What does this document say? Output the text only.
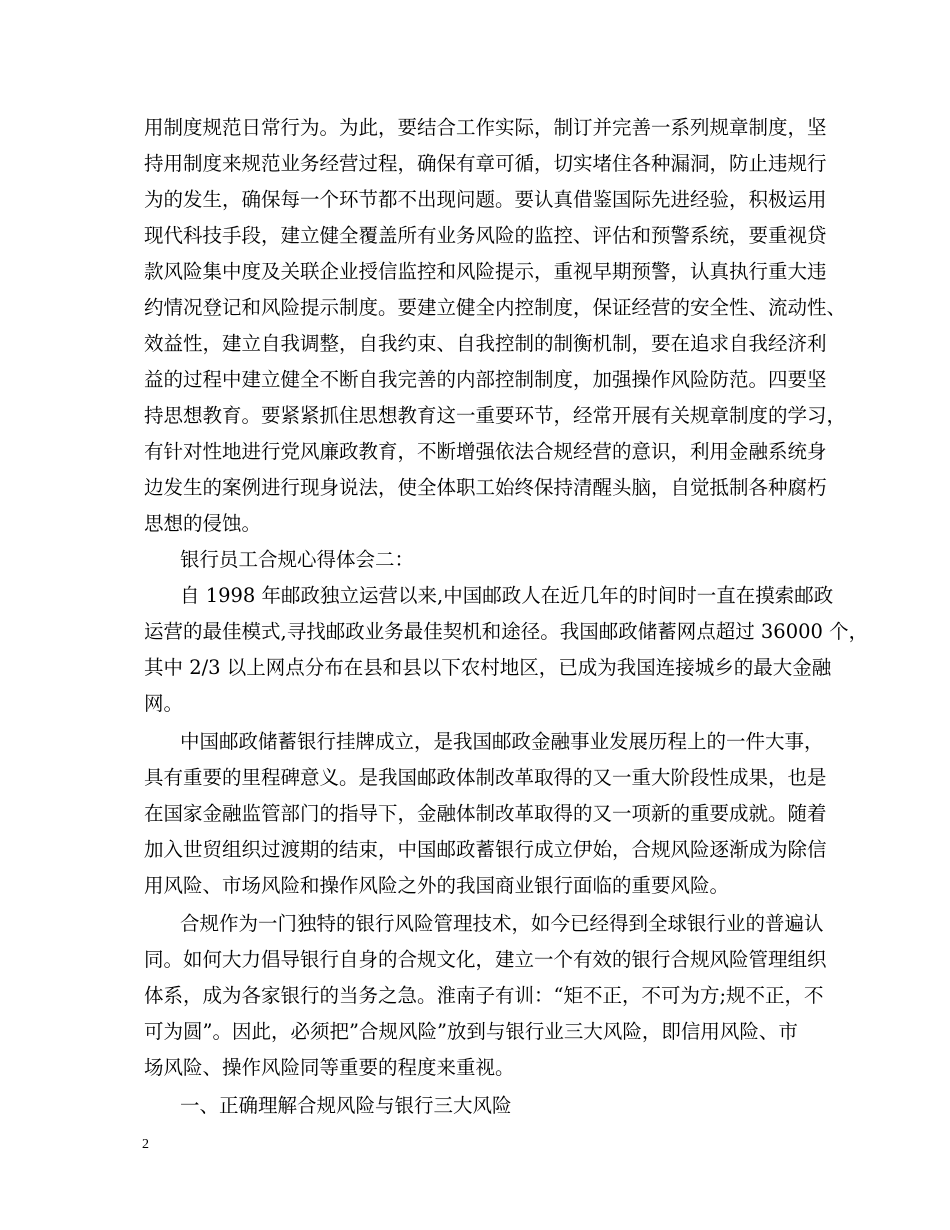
用制度规范日常行为。为此，要结合工作实际，制订并完善一系列规章制度，坚
持用制度来规范业务经营过程，确保有章可循，切实堵住各种漏洞，防止违规行
为的发生，确保每一个环节都不出现问题。要认真借鉴国际先进经验，积极运用
现代科技手段，建立健全覆盖所有业务风险的监控、评估和预警系统，要重视贷
款风险集中度及关联企业授信监控和风险提示，重视早期预警，认真执行重大违
约情况登记和风险提示制度。要建立健全内控制度，保证经营的安全性、流动性、
效益性，建立自我调整，自我约束、自我控制的制衡机制，要在追求自我经济利
益的过程中建立健全不断自我完善的内部控制制度，加强操作风险防范。四要坚
持思想教育。要紧紧抓住思想教育这一重要环节，经常开展有关规章制度的学习，
有针对性地进行党风廉政教育，不断增强依法合规经营的意识，利用金融系统身
边发生的案例进行现身说法，使全体职工始终保持清醒头脑，自觉抵制各种腐朽
思想的侵蚀。
银行员工合规心得体会二：
自 1998 年邮政独立运营以来,中国邮政人在近几年的时间时一直在摸索邮政
运营的最佳模式,寻找邮政业务最佳契机和途径。我国邮政储蓄网点超过 36000 个，
其中 2/3 以上网点分布在县和县以下农村地区，已成为我国连接城乡的最大金融
网。
中国邮政储蓄银行挂牌成立，是我国邮政金融事业发展历程上的一件大事，
具有重要的里程碑意义。是我国邮政体制改革取得的又一重大阶段性成果，也是
在国家金融监管部门的指导下，金融体制改革取得的又一项新的重要成就。随着
加入世贸组织过渡期的结束，中国邮政蓄银行成立伊始，合规风险逐渐成为除信
用风险、市场风险和操作风险之外的我国商业银行面临的重要风险。
合规作为一门独特的银行风险管理技术，如今已经得到全球银行业的普遍认
同。如何大力倡导银行自身的合规文化，建立一个有效的银行合规风险管理组织
体系，成为各家银行的当务之急。淮南子有训：“矩不正，不可为方;规不正，不
可为圆”。因此，必须把”合规风险”放到与银行业三大风险，即信用风险、市
场风险、操作风险同等重要的程度来重视。
一、正确理解合规风险与银行三大风险
2
